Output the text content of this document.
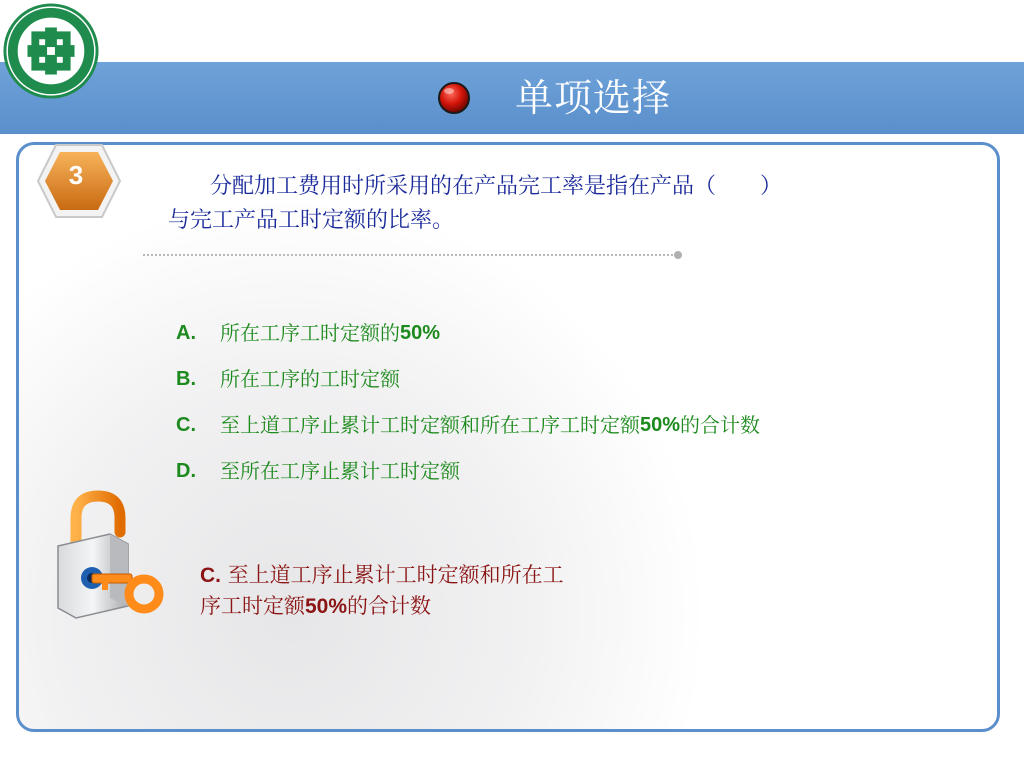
单项选择
3	分配加工费用时所采用的在产品完工率是指在产品（　　）
与完工产品工时定额的比率。
A.	所在工序工时定额的 50%
B.	所在工序的工时定额
C.	至上道工序止累计工时定额和所在工序工时定额 50% 的合计数
D.	至所在工序止累计工时定额
C. 至上道工序止累计工时定额和所在工
序工时定额50%的合计数
